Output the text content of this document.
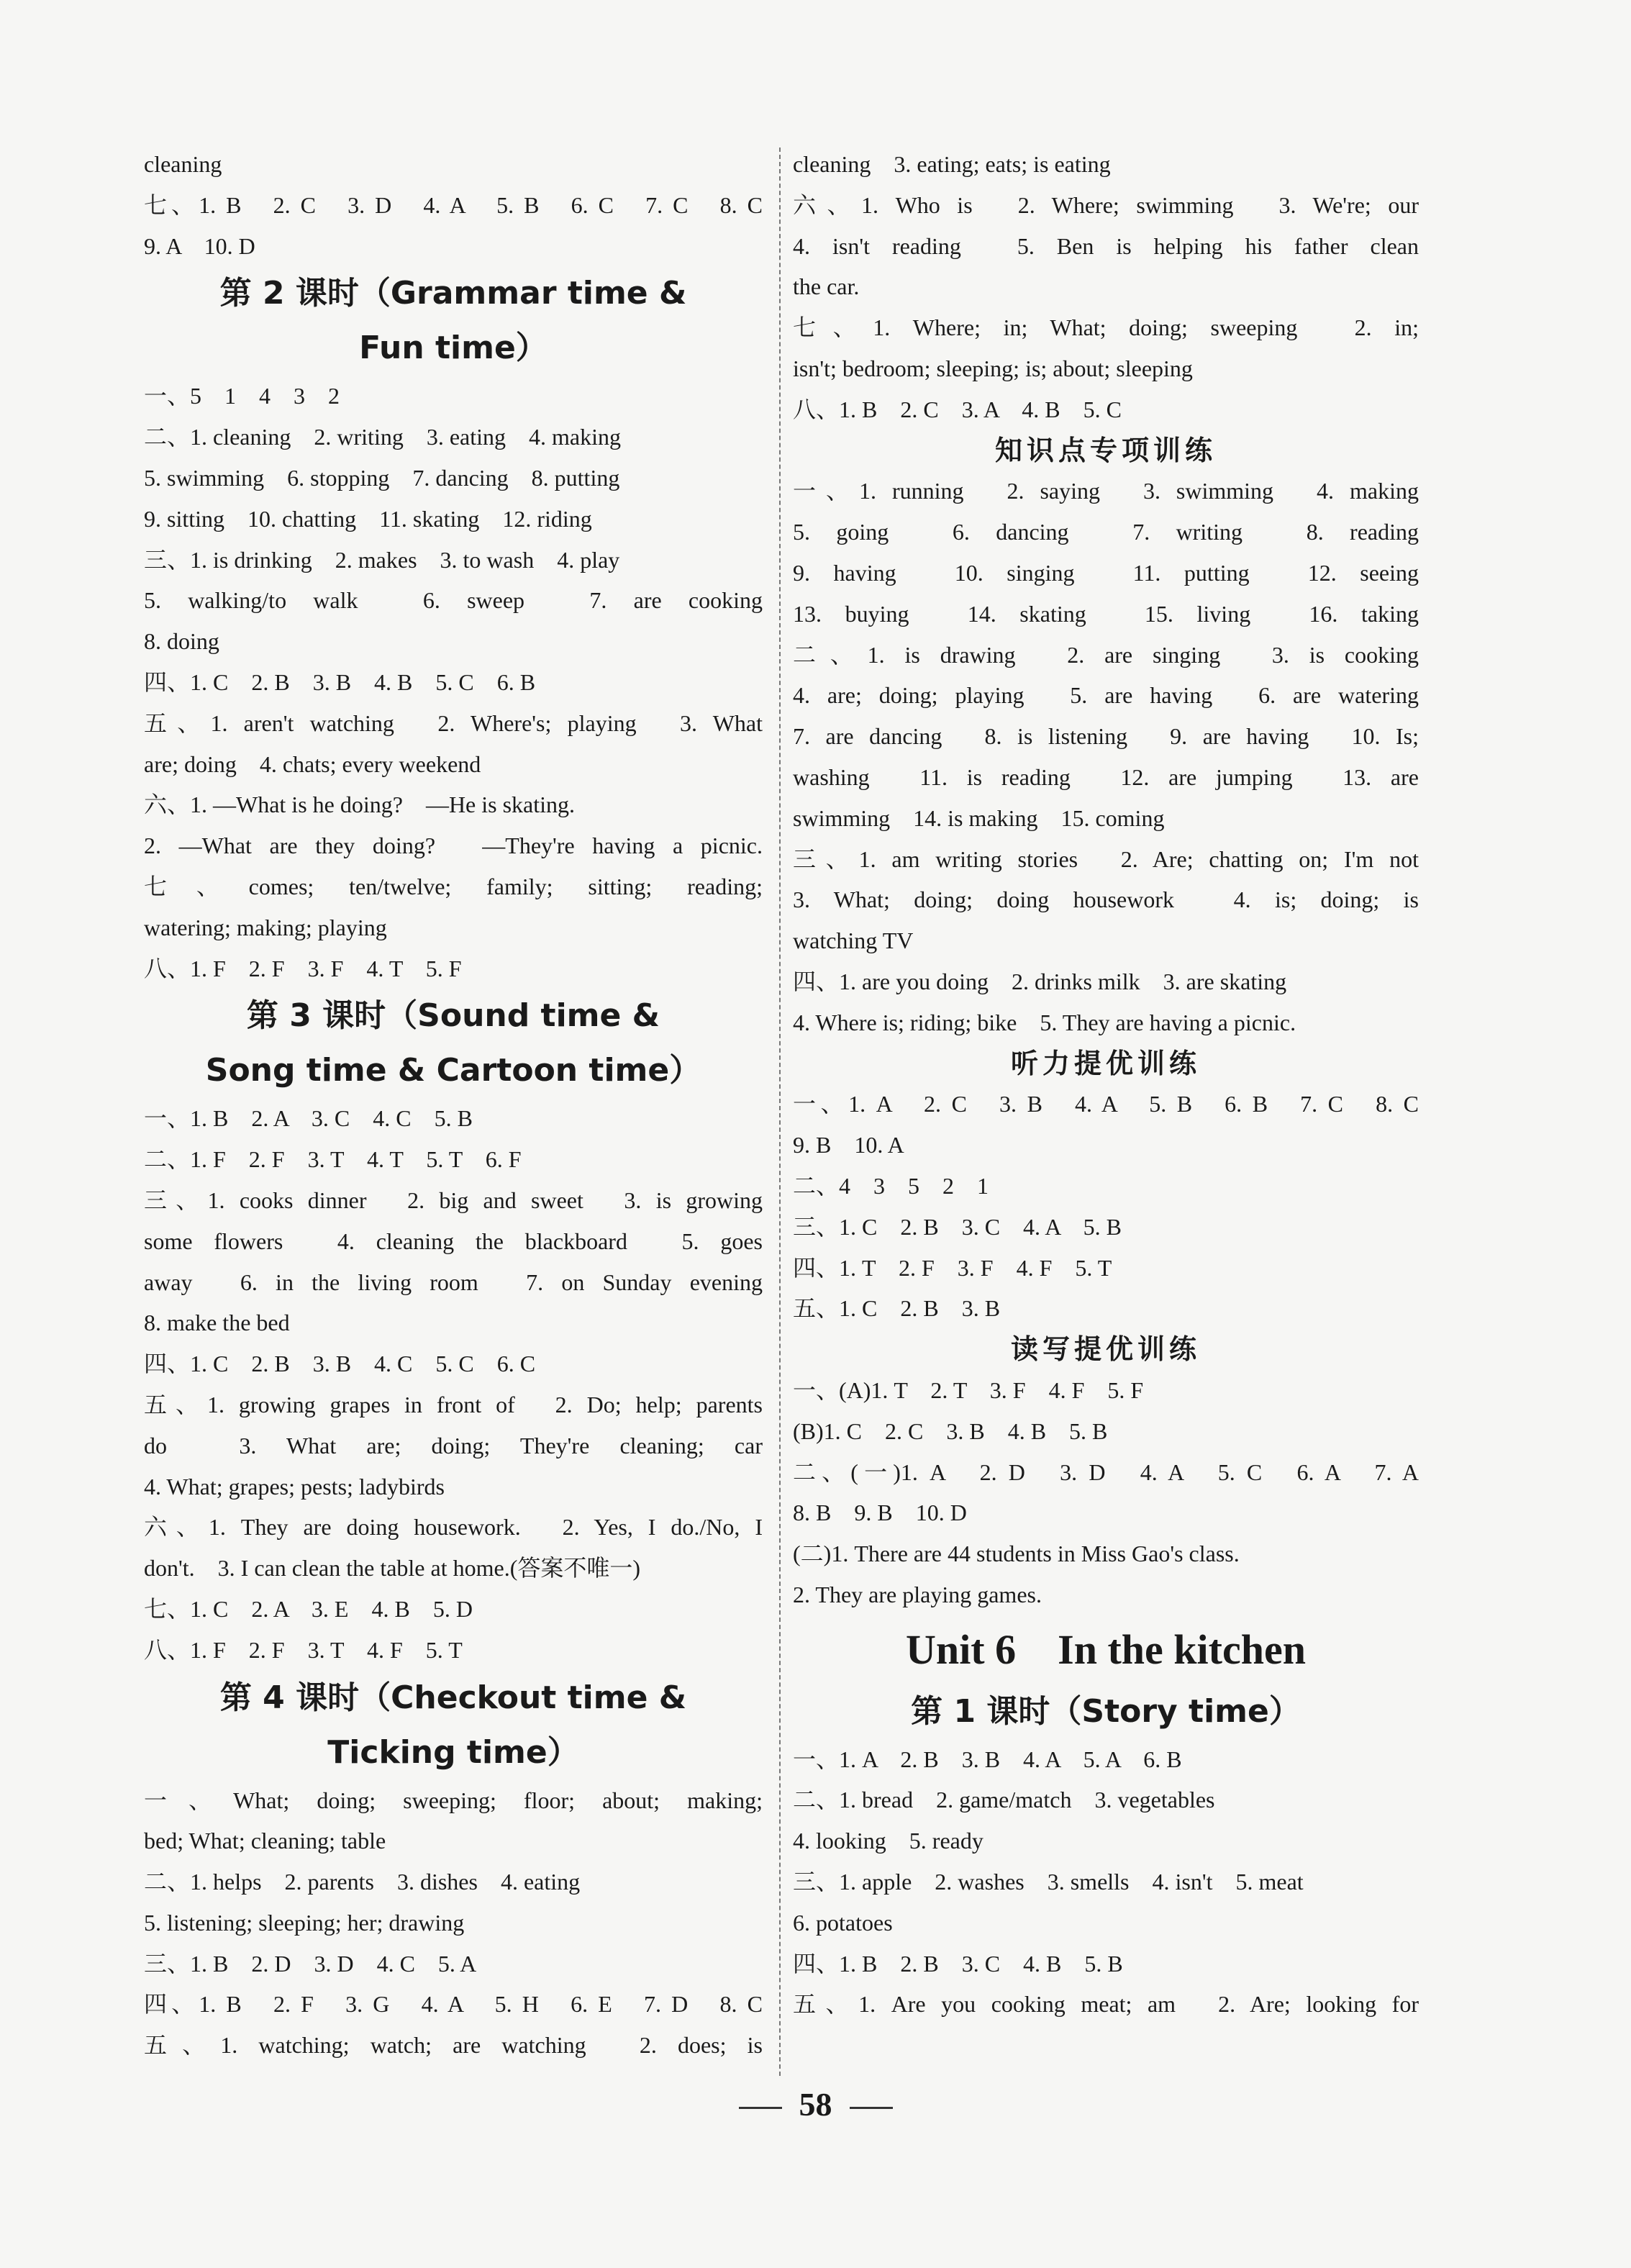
cleaning
七、1. B　2. C　3. D　4. A　5. B　6. C　7. C　8. C
9. A　10. D
第 2 课时（Grammar time &
Fun time）
一、5　1　4　3　2
二、1. cleaning　2. writing　3. eating　4. making
5. swimming　6. stopping　7. dancing　8. putting
9. sitting　10. chatting　11. skating　12. riding
三、1. is drinking　2. makes　3. to wash　4. play
5. walking/to walk　6. sweep　7. are cooking
8. doing
四、1. C　2. B　3. B　4. B　5. C　6. B
五、1. aren't watching　2. Where's; playing　3. What
are; doing　4. chats; every weekend
六、1. —What is he doing?　—He is skating.
2. —What are they doing?　—They're having a picnic.
七、comes; ten/twelve; family; sitting; reading;
watering; making; playing
八、1. F　2. F　3. F　4. T　5. F
第 3 课时（Sound time &
Song time & Cartoon time）
一、1. B　2. A　3. C　4. C　5. B
二、1. F　2. F　3. T　4. T　5. T　6. F
三、1. cooks dinner　2. big and sweet　3. is growing
some flowers　4. cleaning the blackboard　5. goes
away　6. in the living room　7. on Sunday evening
8. make the bed
四、1. C　2. B　3. B　4. C　5. C　6. C
五、1. growing grapes in front of　2. Do; help; parents
do　3. What are; doing; They're cleaning; car
4. What; grapes; pests; ladybirds
六、1. They are doing housework.　2. Yes, I do./No, I
don't.　3. I can clean the table at home.(答案不唯一)
七、1. C　2. A　3. E　4. B　5. D
八、1. F　2. F　3. T　4. F　5. T
第 4 课时（Checkout time &
Ticking time）
一、What; doing; sweeping; floor; about; making;
bed; What; cleaning; table
二、1. helps　2. parents　3. dishes　4. eating
5. listening; sleeping; her; drawing
三、1. B　2. D　3. D　4. C　5. A
四、1. B　2. F　3. G　4. A　5. H　6. E　7. D　8. C
五、1. watching; watch; are watching　2. does; is
cleaning　3. eating; eats; is eating
六、1. Who is　2. Where; swimming　3. We're; our
4. isn't reading　5. Ben is helping his father clean
the car.
七、1. Where; in; What; doing; sweeping　2. in;
isn't; bedroom; sleeping; is; about; sleeping
八、1. B　2. C　3. A　4. B　5. C
知识点专项训练
一、1. running　2. saying　3. swimming　4. making
5. going　6. dancing　7. writing　8. reading
9. having　10. singing　11. putting　12. seeing
13. buying　14. skating　15. living　16. taking
二、1. is drawing　2. are singing　3. is cooking
4. are; doing; playing　5. are having　6. are watering
7. are dancing　8. is listening　9. are having　10. Is;
washing　11. is reading　12. are jumping　13. are
swimming　14. is making　15. coming
三、1. am writing stories　2. Are; chatting on; I'm not
3. What; doing; doing housework　4. is; doing; is
watching TV
四、1. are you doing　2. drinks milk　3. are skating
4. Where is; riding; bike　5. They are having a picnic.
听力提优训练
一、1. A　2. C　3. B　4. A　5. B　6. B　7. C　8. C
9. B　10. A
二、4　3　5　2　1
三、1. C　2. B　3. C　4. A　5. B
四、1. T　2. F　3. F　4. F　5. T
五、1. C　2. B　3. B
读写提优训练
一、(A)1. T　2. T　3. F　4. F　5. F
(B)1. C　2. C　3. B　4. B　5. B
二、(一)1. A　2. D　3. D　4. A　5. C　6. A　7. A
8. B　9. B　10. D
(二)1. There are 44 students in Miss Gao's class.
2. They are playing games.
Unit 6　In the kitchen
第 1 课时（Story time）
一、1. A　2. B　3. B　4. A　5. A　6. B
二、1. bread　2. game/match　3. vegetables
4. looking　5. ready
三、1. apple　2. washes　3. smells　4. isn't　5. meat
6. potatoes
四、1. B　2. B　3. C　4. B　5. B
五、1. Are you cooking meat; am　2. Are; looking for
58
